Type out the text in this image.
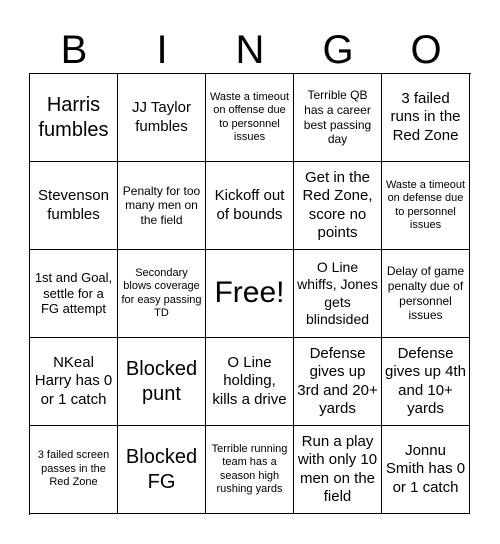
B	I	N	G	O
Harris fumbles
JJ Taylor fumbles
Waste a timeout on offense due to personnel issues
Terrible QB has a career best passing day
3 failed runs in the Red Zone
Stevenson fumbles
Penalty for too many men on the field
Kickoff out of bounds
Get in the Red Zone, score no points
Waste a timeout on defense due to personnel issues
1st and Goal, settle for a FG attempt
Secondary blows coverage for easy passing TD
Free!
O Line whiffs, Jones gets blindsided
Delay of game penalty due of personnel issues
NKeal Harry has 0 or 1 catch
Blocked punt
O Line holding, kills a drive
Defense gives up 3rd and 20+ yards
Defense gives up 4th and 10+ yards
3 failed screen passes in the Red Zone
Blocked FG
Terrible running team has a season high rushing yards
Run a play with only 10 men on the field
Jonnu Smith has 0 or 1 catch
